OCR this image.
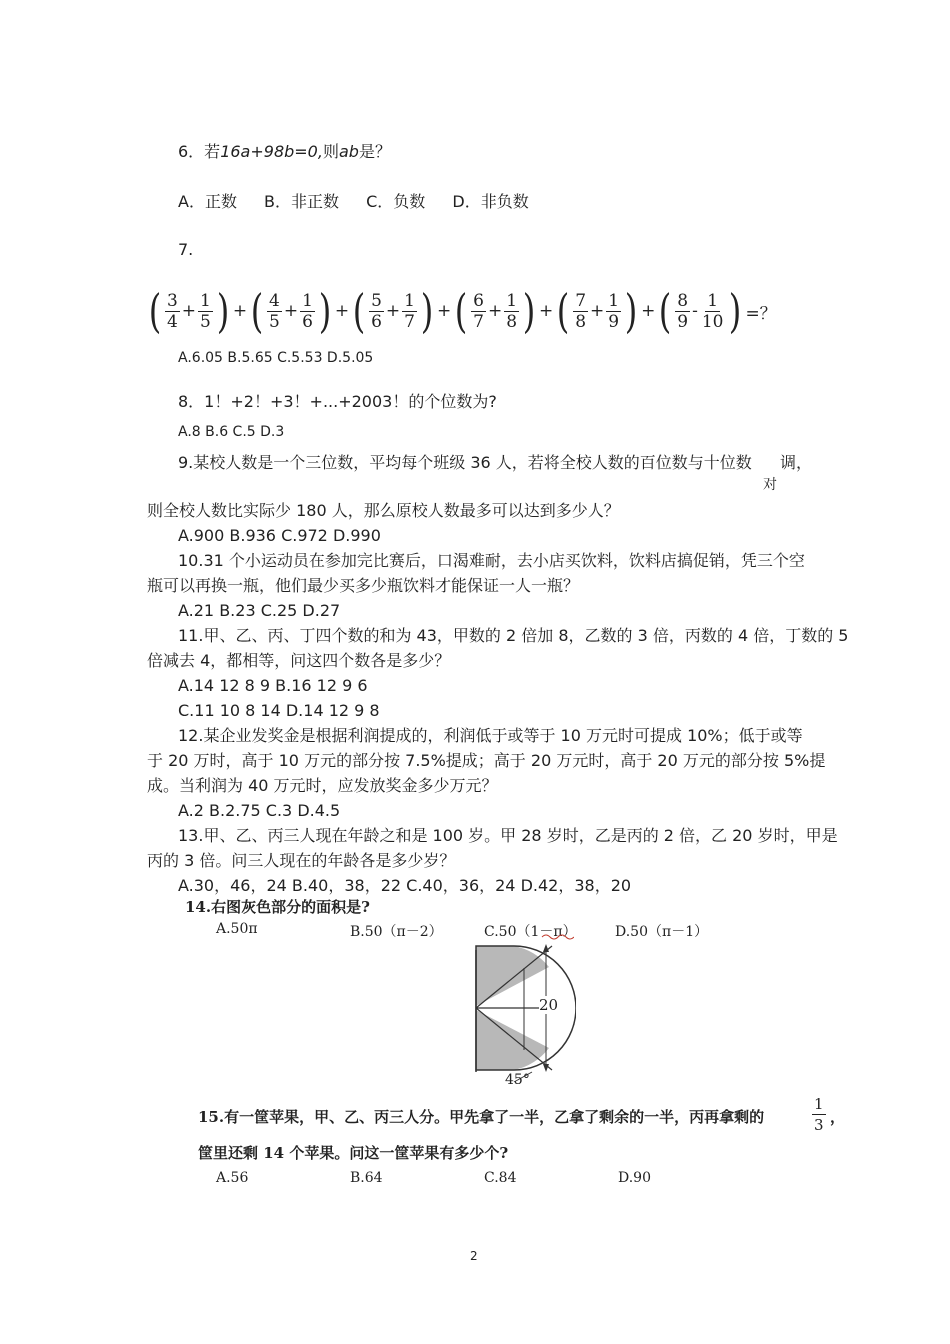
6．若16a+98b=0,则ab是？
A．正数 B．非正数 C．负数 D．非负数
7.
( $\frac{3}{4} + \frac{1}{5}$ ) + ( $\frac{4}{5} + \frac{1}{6}$ ) + ( $\frac{5}{6} + \frac{1}{7}$ ) + ( $\frac{6}{7} + \frac{1}{8}$ ) + ( $\frac{7}{8} + \frac{1}{9}$ ) + ( $\frac{8}{9} - \frac{1}{10}$ ) =？
A.6.05 B.5.65 C.5.53 D.5.05
8．1！+2！+3！+...+2003！的个位数为?
A.8 B.6 C.5 D.3
9.某校人数是一个三位数，平均每个班级 36 人，若将全校人数的百位数与十位数 调，
对
则全校人数比实际少 180 人，那么原校人数最多可以达到多少人？
A.900 B.936 C.972 D.990
10.31 个小运动员在参加完比赛后，口渴难耐，去小店买饮料，饮料店搞促销，凭三个空
瓶可以再换一瓶，他们最少买多少瓶饮料才能保证一人一瓶？
A.21 B.23 C.25 D.27
11.甲、乙、丙、丁四个数的和为 43，甲数的 2 倍加 8，乙数的 3 倍，丙数的 4 倍，丁数的 5
倍减去 4，都相等，问这四个数各是多少？
A.14 12 8 9 B.16 12 9 6
C.11 10 8 14 D.14 12 9 8
12.某企业发奖金是根据利润提成的，利润低于或等于 10 万元时可提成 10%；低于或等
于 20 万时，高于 10 万元的部分按 7.5%提成；高于 20 万元时，高于 20 万元的部分按 5%提
成。当利润为 40 万元时，应发放奖金多少万元？
A.2 B.2.75 C.3 D.4.5
13.甲、乙、丙三人现在年龄之和是 100 岁。甲 28 岁时，乙是丙的 2 倍，乙 20 岁时，甲是
丙的 3 倍。问三人现在的年龄各是多少岁？
A.30，46，24 B.40，38，22 C.40，36，24 D.42，38，20
14.右图灰色部分的面积是?
A.50π	B.50（π－2）	C.50（1－π）	D.50（π－1）
20
45°
15.有一筐苹果，甲、乙、丙三人分。甲先拿了一半，乙拿了剩余的一半，丙再拿剩的
1
3 ，
筐里还剩 14 个苹果。问这一筐苹果有多少个?
A.56	B.64	C.84	D.90
2
